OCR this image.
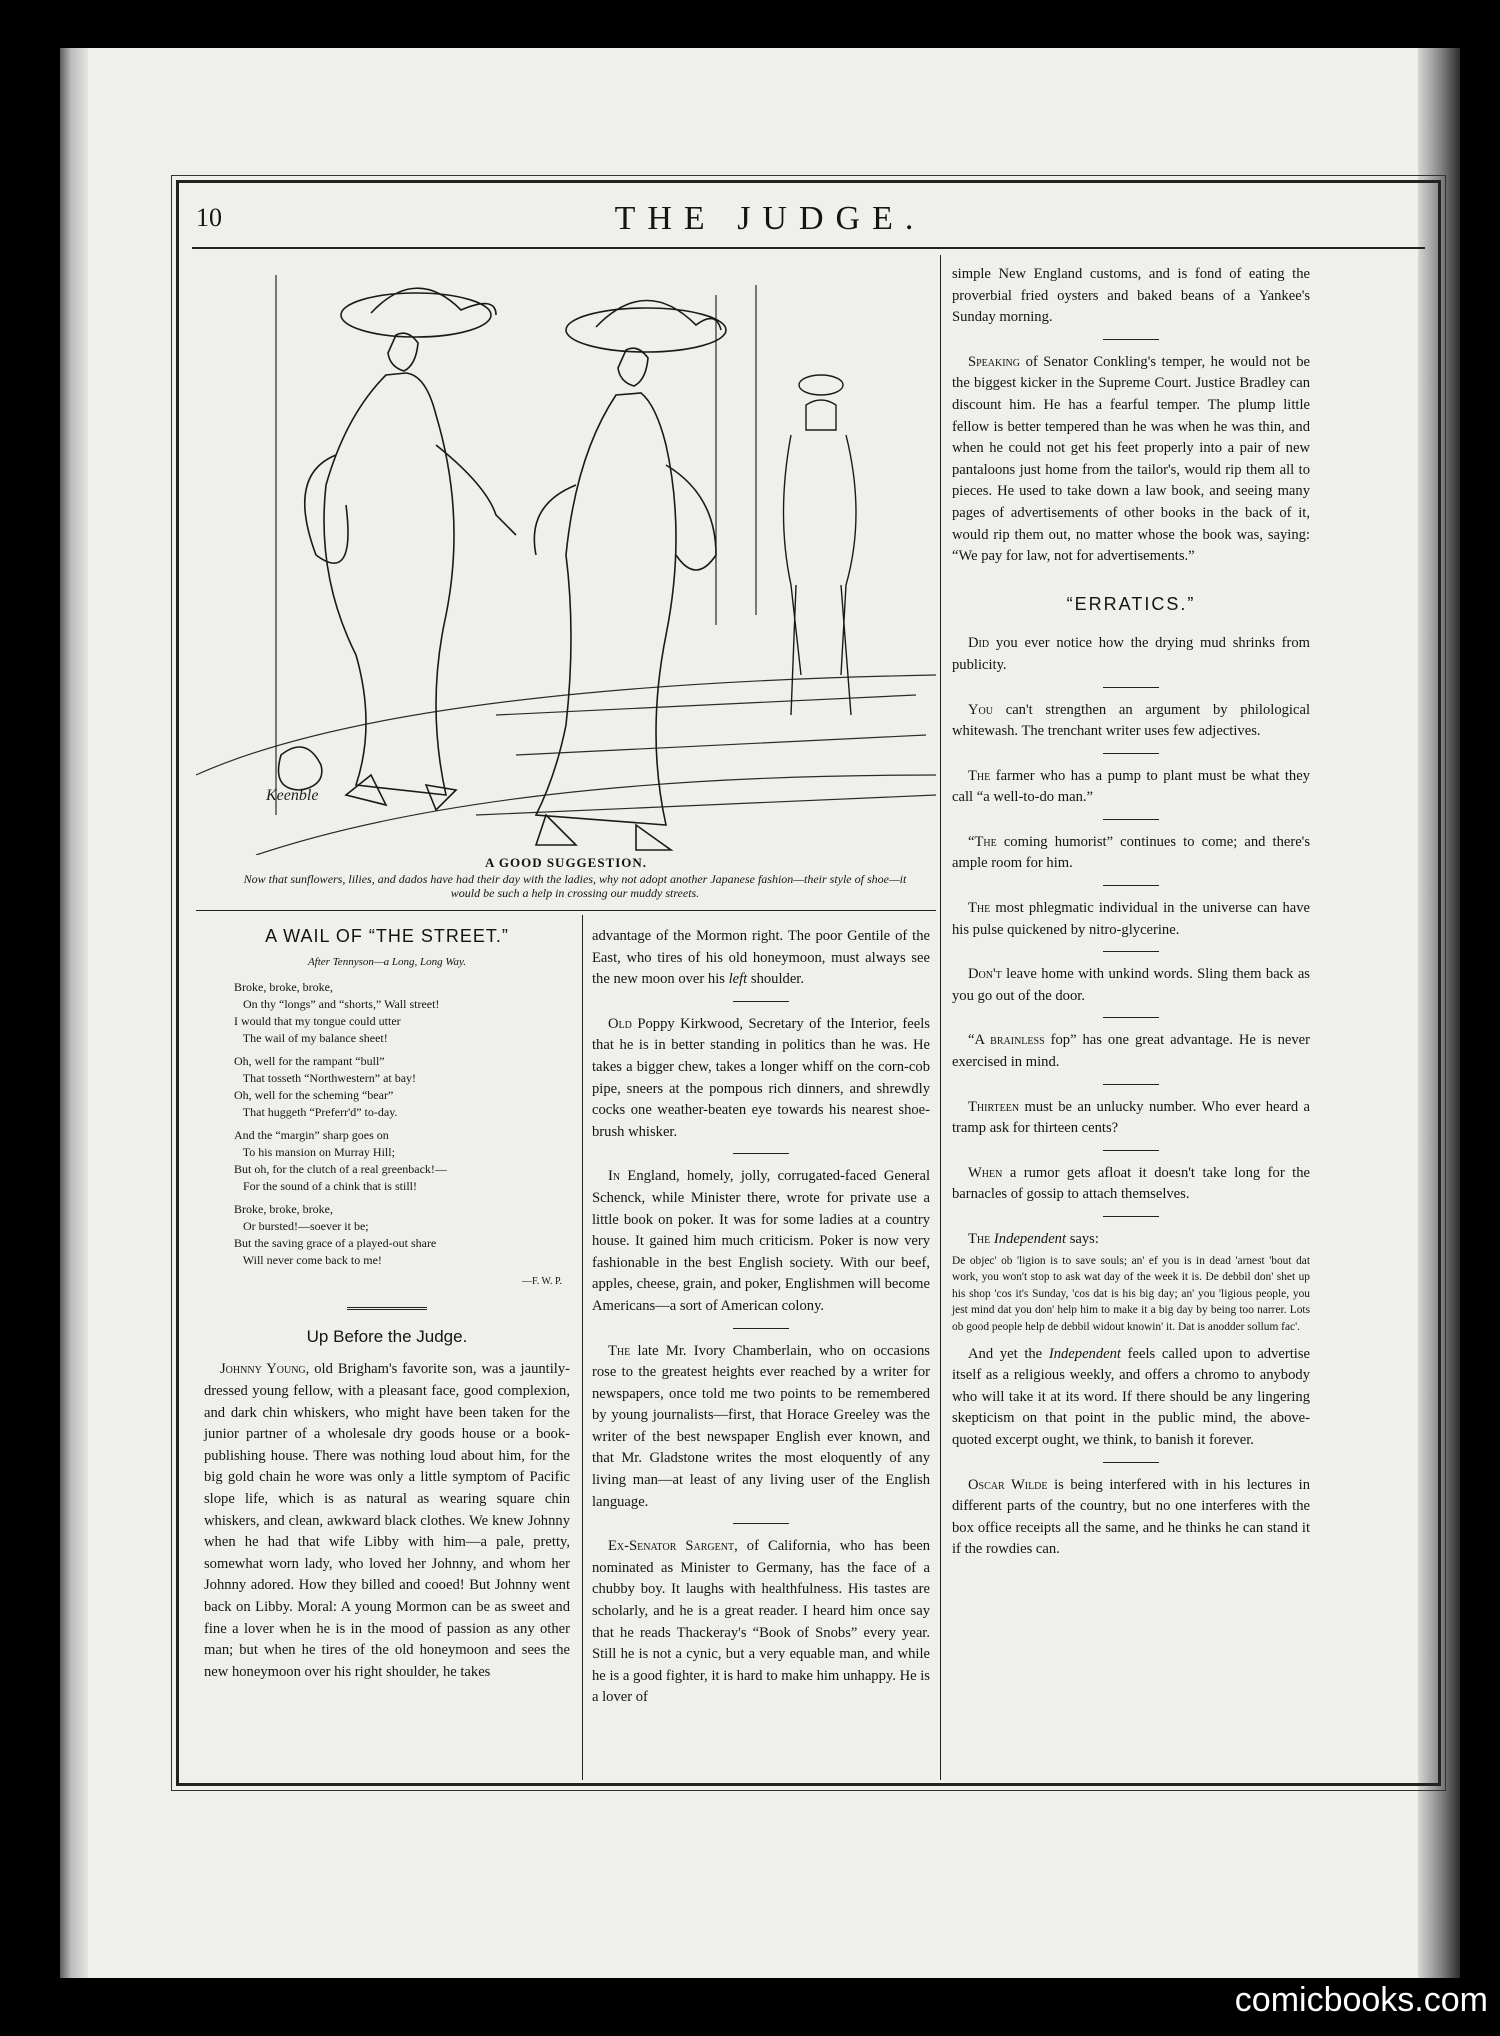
10	THE JUDGE.
Keenble
A GOOD SUGGESTION.
Now that sunflowers, lilies, and dados have had their day with the ladies, why not adopt another Japanese fashion—their style of shoe—it would be such a help in crossing our muddy streets.

simple New England customs, and is fond of eating the proverbial fried oysters and baked beans of a Yankee's Sunday morning.

Speaking of Senator Conkling's temper, he would not be the biggest kicker in the Supreme Court. Justice Bradley can discount him. He has a fearful temper. The plump little fellow is better tempered than he was when he was thin, and when he could not get his feet properly into a pair of new pantaloons just home from the tailor's, would rip them all to pieces. He used to take down a law book, and seeing many pages of advertisements of other books in the back of it, would rip them out, no matter whose the book was, saying: “We pay for law, not for advertisements.”

“ERRATICS.”

Did you ever notice how the drying mud shrinks from publicity.

You can't strengthen an argument by philological whitewash. The trenchant writer uses few adjectives.

The farmer who has a pump to plant must be what they call “a well-to-do man.”

“The coming humorist” continues to come; and there's ample room for him.

The most phlegmatic individual in the universe can have his pulse quickened by nitro-glycerine.

Don't leave home with unkind words. Sling them back as you go out of the door.

“A brainless fop” has one great advantage. He is never exercised in mind.

Thirteen must be an unlucky number. Who ever heard a tramp ask for thirteen cents?

When a rumor gets afloat it doesn't take long for the barnacles of gossip to attach themselves.

The Independent says:

De objec' ob 'ligion is to save souls; an' ef you is in dead 'arnest 'bout dat work, you won't stop to ask wat day of the week it is. De debbil don' shet up his shop 'cos it's Sunday, 'cos dat is his big day; an' you 'ligious people, you jest mind dat you don' help him to make it a big day by being too narrer. Lots ob good people help de debbil widout knowin' it. Dat is anodder sollum fac'.

And yet the Independent feels called upon to advertise itself as a religious weekly, and offers a chromo to anybody who will take it at its word. If there should be any lingering skepticism on that point in the public mind, the above-quoted excerpt ought, we think, to banish it forever.

Oscar Wilde is being interfered with in his lectures in different parts of the country, but no one interferes with the box office receipts all the same, and he thinks he can stand it if the rowdies can.

A WAIL OF “THE STREET.”
After Tennyson—a Long, Long Way.
Broke, broke, broke,
On thy “longs” and “shorts,” Wall street!
I would that my tongue could utter
The wail of my balance sheet!
Oh, well for the rampant “bull”
That tosseth “Northwestern” at bay!
Oh, well for the scheming “bear”
That huggeth “Preferr'd” to-day.
And the “margin” sharp goes on
To his mansion on Murray Hill;
But oh, for the clutch of a real greenback!—
For the sound of a chink that is still!
Broke, broke, broke,
Or bursted!—soever it be;
But the saving grace of a played-out share
Will never come back to me!
—F. W. P.
Up Before the Judge.

Johnny Young, old Brigham's favorite son, was a jauntily-dressed young fellow, with a pleasant face, good complexion, and dark chin whiskers, who might have been taken for the junior partner of a wholesale dry goods house or a book-publishing house. There was nothing loud about him, for the big gold chain he wore was only a little symptom of Pacific slope life, which is as natural as wearing square chin whiskers, and clean, awkward black clothes. We knew Johnny when he had that wife Libby with him—a pale, pretty, somewhat worn lady, who loved her Johnny, and whom her Johnny adored. How they billed and cooed! But Johnny went back on Libby. Moral: A young Mormon can be as sweet and fine a lover when he is in the mood of passion as any other man; but when he tires of the old honeymoon and sees the new honeymoon over his right shoulder, he takes

advantage of the Mormon right. The poor Gentile of the East, who tires of his old honeymoon, must always see the new moon over his left shoulder.

Old Poppy Kirkwood, Secretary of the Interior, feels that he is in better standing in politics than he was. He takes a bigger chew, takes a longer whiff on the corn-cob pipe, sneers at the pompous rich dinners, and shrewdly cocks one weather-beaten eye towards his nearest shoe-brush whisker.

In England, homely, jolly, corrugated-faced General Schenck, while Minister there, wrote for private use a little book on poker. It was for some ladies at a country house. It gained him much criticism. Poker is now very fashionable in the best English society. With our beef, apples, cheese, grain, and poker, Englishmen will become Americans—a sort of American colony.

The late Mr. Ivory Chamberlain, who on occasions rose to the greatest heights ever reached by a writer for newspapers, once told me two points to be remembered by young journalists—first, that Horace Greeley was the writer of the best newspaper English ever known, and that Mr. Gladstone writes the most eloquently of any living man—at least of any living user of the English language.

Ex-Senator Sargent, of California, who has been nominated as Minister to Germany, has the face of a chubby boy. It laughs with healthfulness. His tastes are scholarly, and he is a great reader. I heard him once say that he reads Thackeray's “Book of Snobs” every year. Still he is not a cynic, but a very equable man, and while he is a good fighter, it is hard to make him unhappy. He is a lover of

comicbooks.com
